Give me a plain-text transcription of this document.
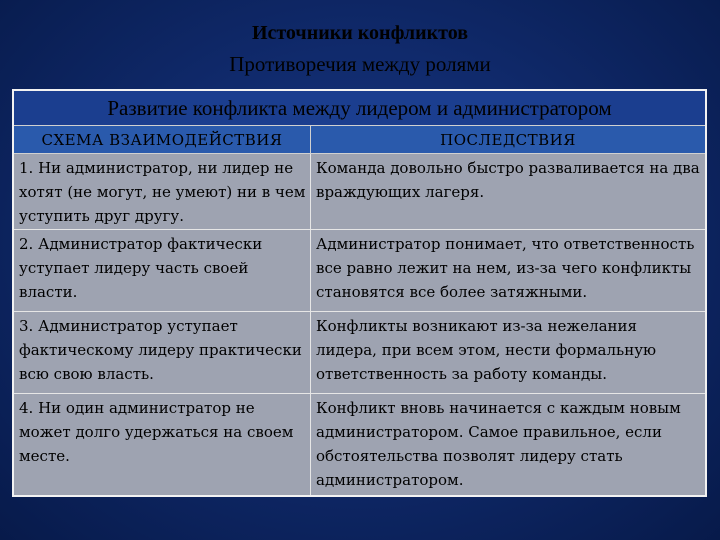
Источники конфликтов
Противоречия между ролями
Развитие конфликта между лидером и администратором
СХЕМА ВЗАИМОДЕЙСТВИЯ	ПОСЛЕДСТВИЯ
1. Ни администратор, ни лидер не хотят (не могут, не умеют) ни в чем уступить друг другу.
Команда довольно быстро разваливается на два враждующих лагеря.
2. Администратор фактически уступает лидеру часть своей власти.
Администратор понимает, что ответственность все равно лежит на нем, из-за чего конфликты становятся все более затяжными.
3. Администратор уступает фактическому лидеру практически всю свою власть.
Конфликты возникают из-за нежелания лидера, при всем этом, нести формальную ответственность за работу команды.
4. Ни один администратор не может долго удержаться на своем месте.
Конфликт вновь начинается с каждым новым администратором. Самое правильное, если обстоятельства позволят лидеру стать администратором.
